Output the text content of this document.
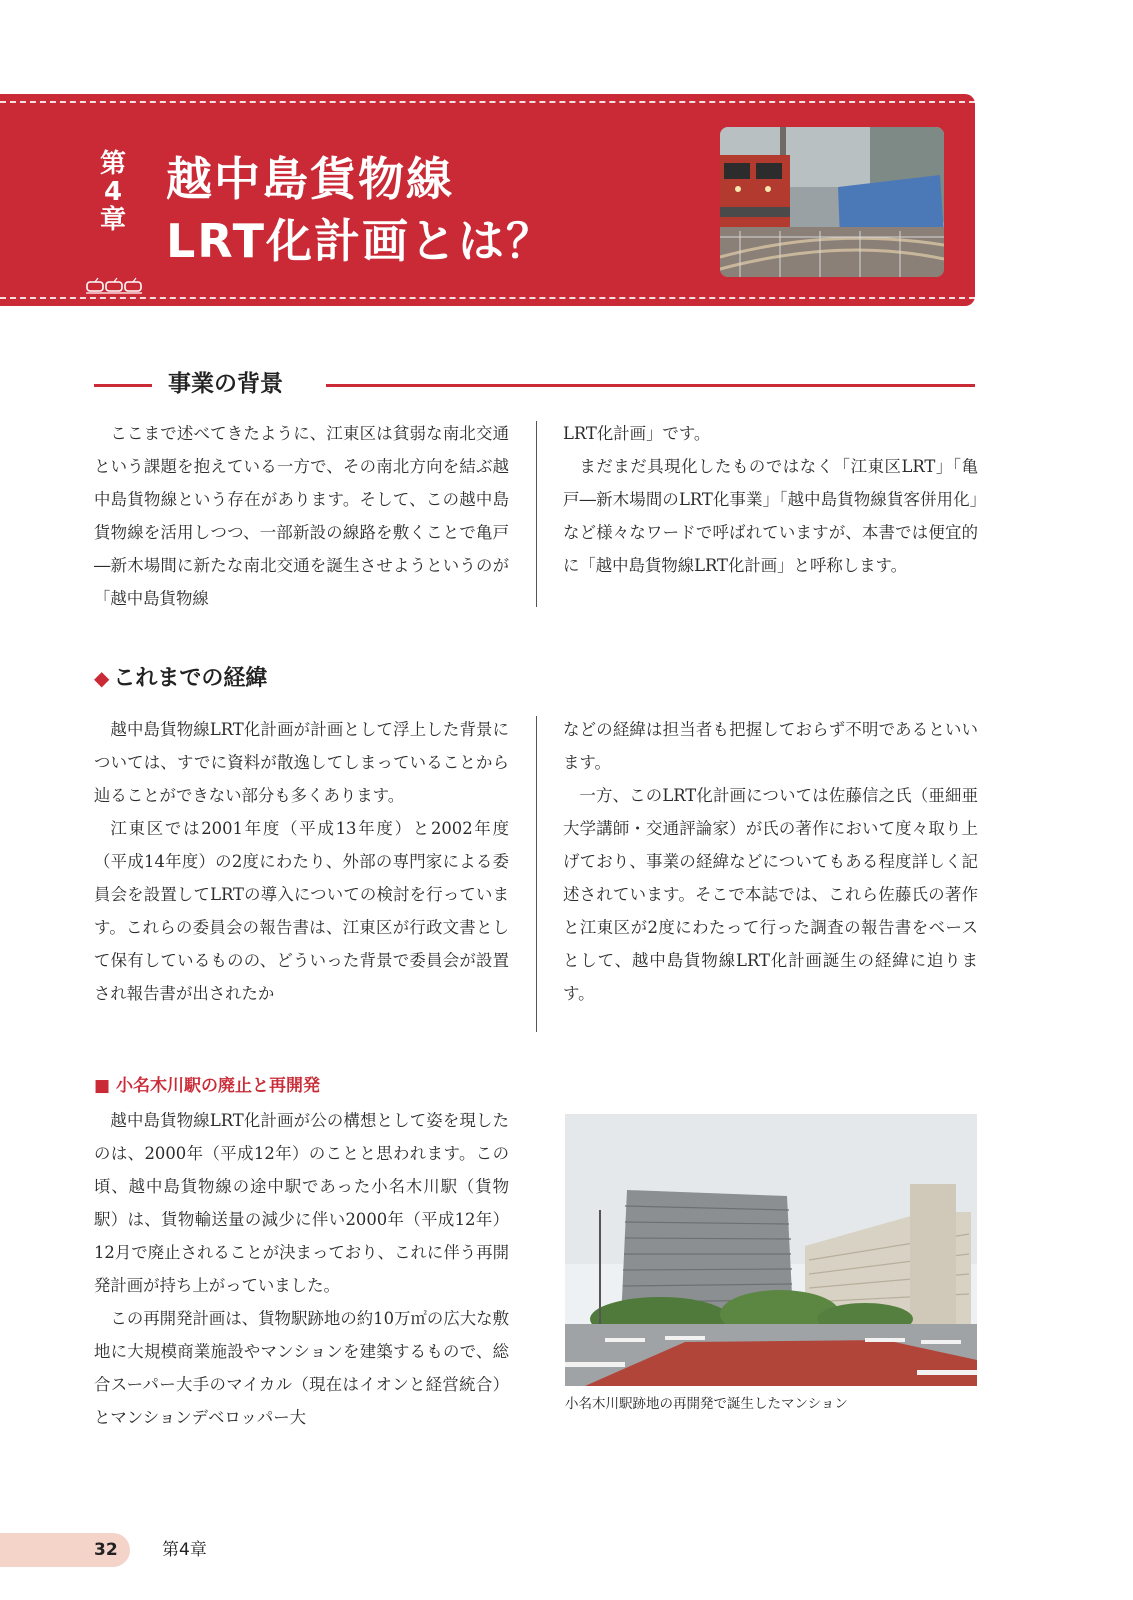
第
4
章
越中島貨物線
LRT化計画とは？
事業の背景

ここまで述べてきたように、江東区は貧弱な南北交通という課題を抱えている一方で、その南北方向を結ぶ越中島貨物線という存在があります。そして、この越中島貨物線を活用しつつ、一部新設の線路を敷くことで亀戸―新木場間に新たな南北交通を誕生させようというのが「越中島貨物線

LRT化計画」です。

まだまだ具現化したものではなく「江東区LRT」「亀戸―新木場間のLRT化事業」「越中島貨物線貨客併用化」など様々なワードで呼ばれていますが、本書では便宜的に「越中島貨物線LRT化計画」と呼称します。

◆ これまでの経緯

越中島貨物線LRT化計画が計画として浮上した背景については、すでに資料が散逸してしまっていることから辿ることができない部分も多くあります。

江東区では2001年度（平成13年度）と2002年度（平成14年度）の2度にわたり、外部の専門家による委員会を設置してLRTの導入についての検討を行っています。これらの委員会の報告書は、江東区が行政文書として保有しているものの、どういった背景で委員会が設置され報告書が出されたか

などの経緯は担当者も把握しておらず不明であるといいます。

一方、このLRT化計画については佐藤信之氏（亜細亜大学講師・交通評論家）が氏の著作において度々取り上げており、事業の経緯などについてもある程度詳しく記述されています。そこで本誌では、これら佐藤氏の著作と江東区が2度にわたって行った調査の報告書をベースとして、越中島貨物線LRT化計画誕生の経緯に迫ります。

■ 小名木川駅の廃止と再開発

越中島貨物線LRT化計画が公の構想として姿を現したのは、2000年（平成12年）のことと思われます。この頃、越中島貨物線の途中駅であった小名木川駅（貨物駅）は、貨物輸送量の減少に伴い2000年（平成12年）12月で廃止されることが決まっており、これに伴う再開発計画が持ち上がっていました。

この再開発計画は、貨物駅跡地の約10万㎡の広大な敷地に大規模商業施設やマンションを建築するもので、総合スーパー大手のマイカル（現在はイオンと経営統合）とマンションデベロッパー大

小名木川駅跡地の再開発で誕生したマンション
32	第4章
